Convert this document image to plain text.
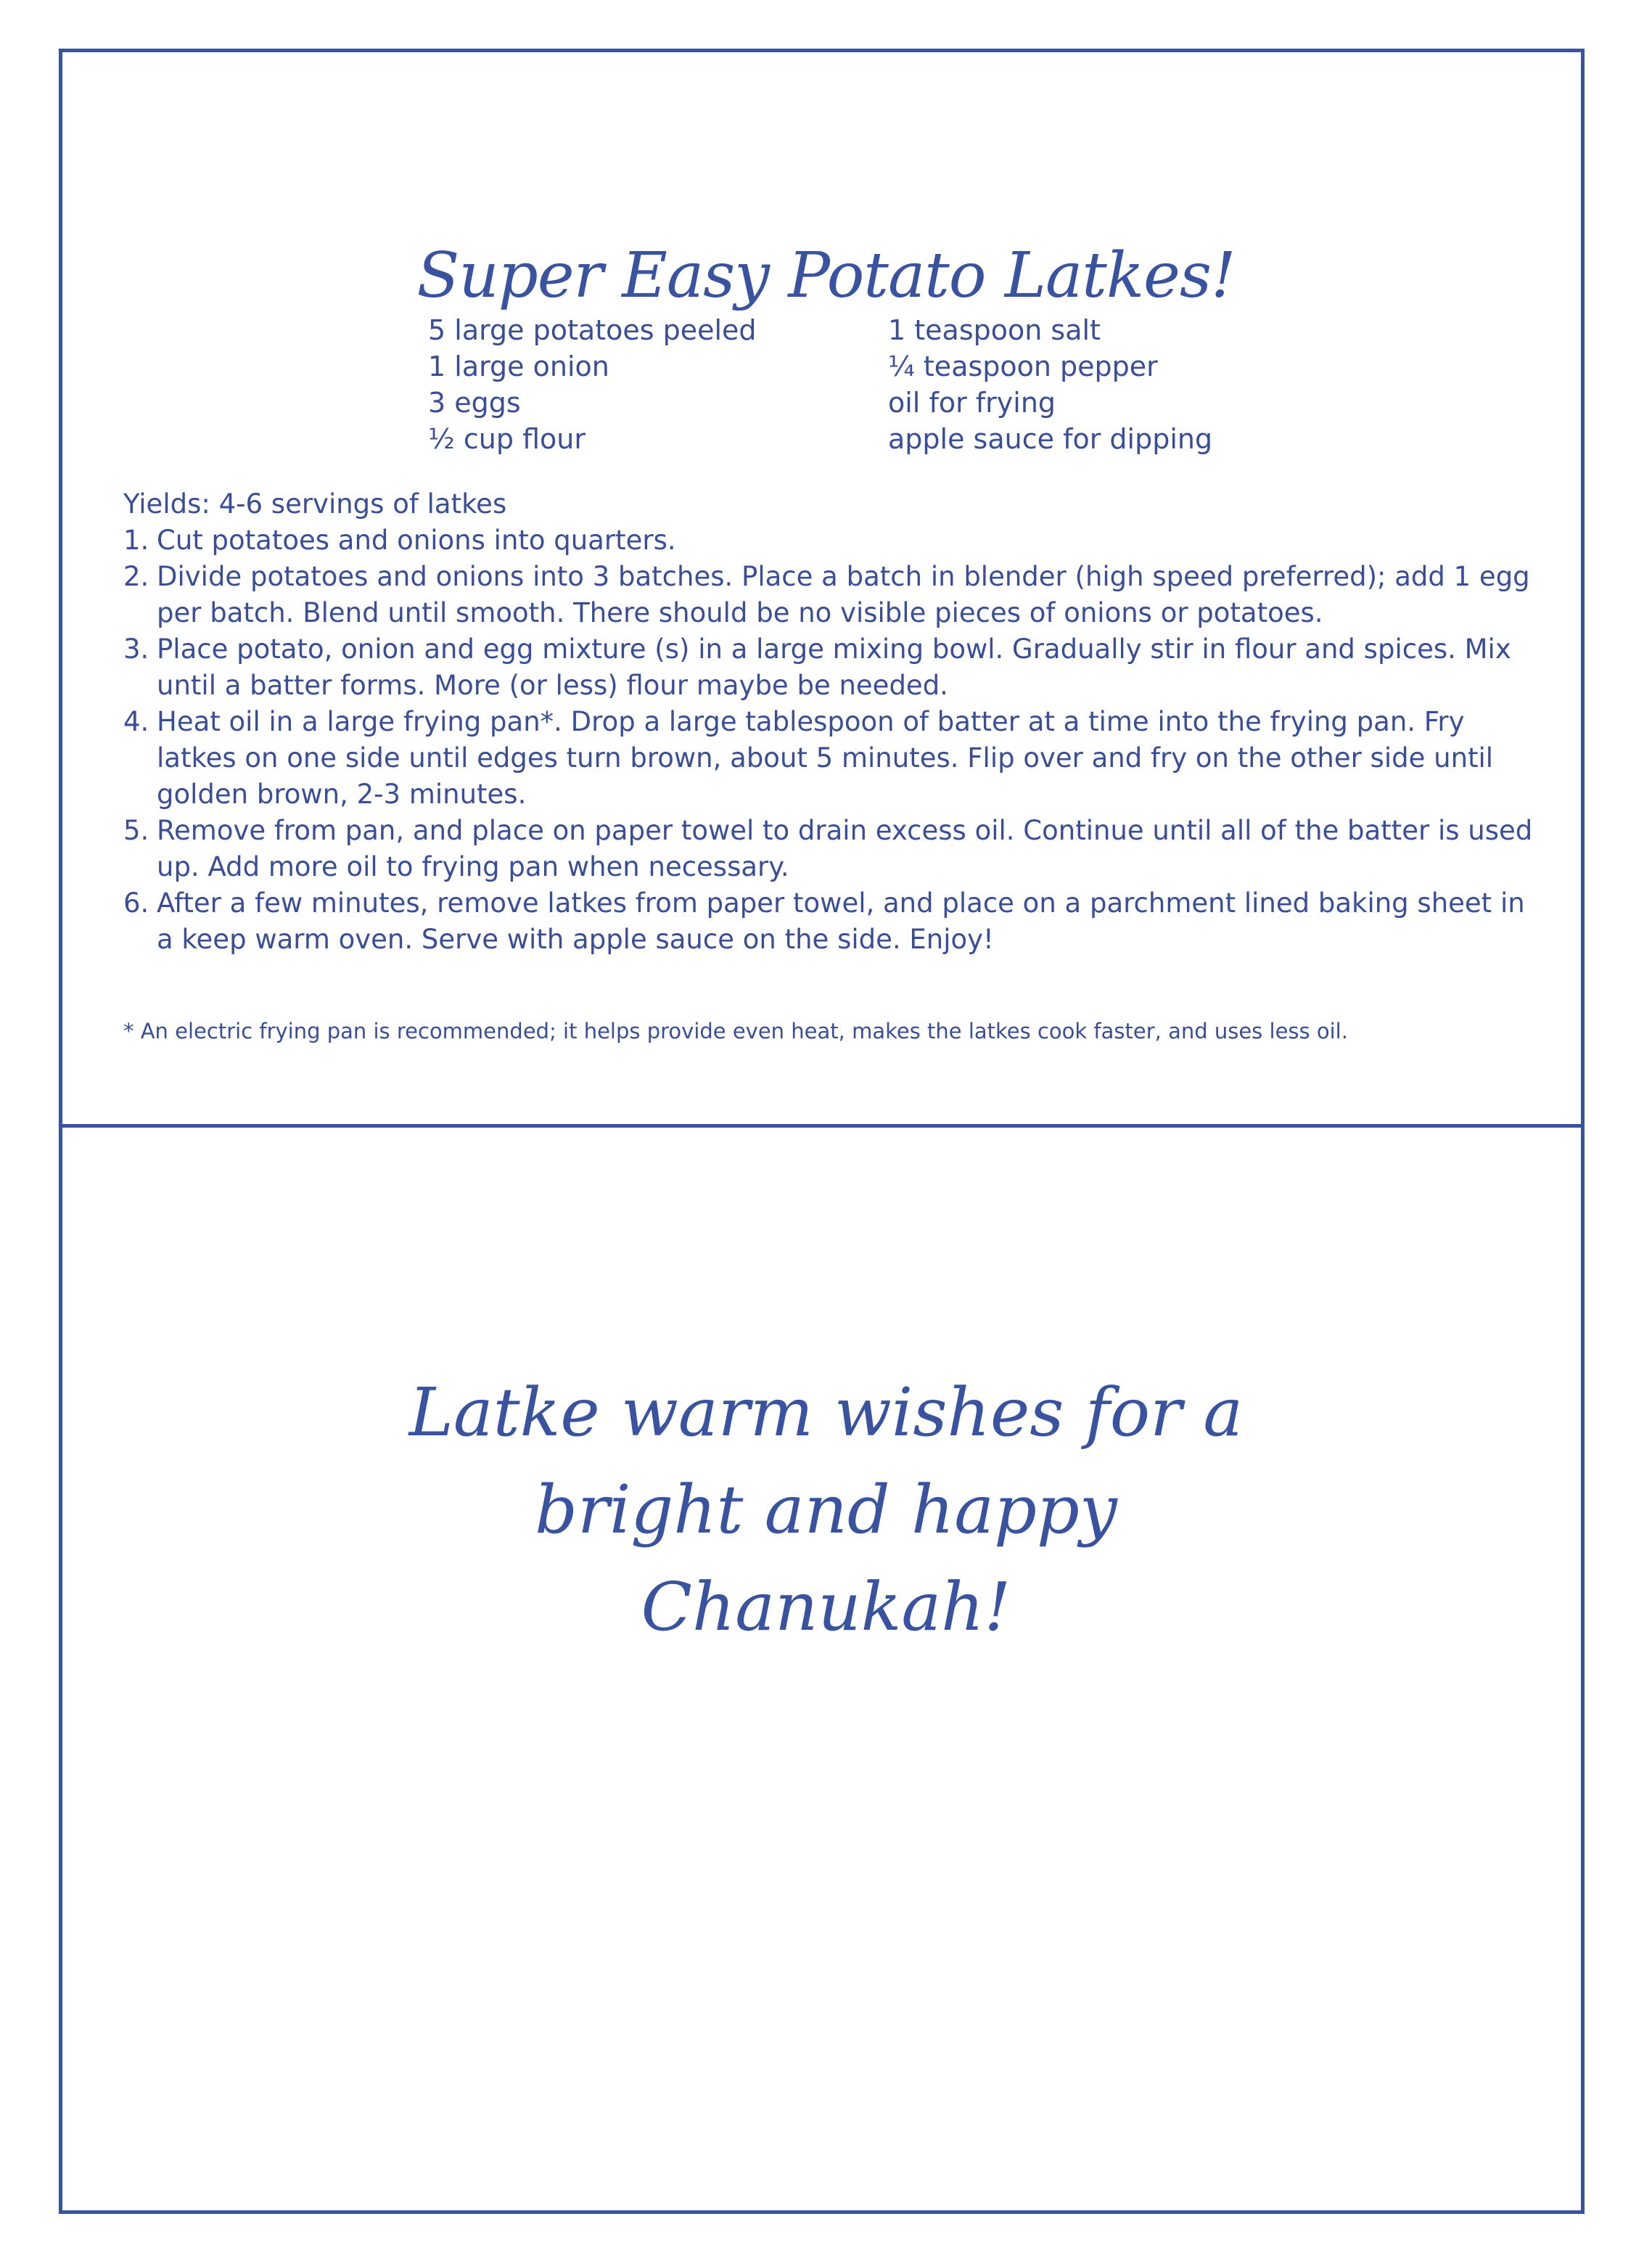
Super Easy Potato Latkes!
5 large potatoes peeled
1 large onion
3 eggs
½ cup flour
1 teaspoon salt
¼ teaspoon pepper
oil for frying
apple sauce for dipping
Yields: 4-6 servings of latkes
1. Cut potatoes and onions into quarters.
2. Divide potatoes and onions into 3 batches. Place a batch in blender (high speed preferred); add 1 egg per batch. Blend until smooth. There should be no visible pieces of onions or potatoes.
3. Place potato, onion and egg mixture (s) in a large mixing bowl. Gradually stir in flour and spices. Mix until a batter forms. More (or less) flour maybe be needed.
4. Heat oil in a large frying pan*. Drop a large tablespoon of batter at a time into the frying pan. Fry latkes on one side until edges turn brown, about 5 minutes. Flip over and fry on the other side until golden brown, 2-3 minutes.
5. Remove from pan, and place on paper towel to drain excess oil. Continue until all of the batter is used up. Add more oil to frying pan when necessary.
6. After a few minutes, remove latkes from paper towel, and place on a parchment lined baking sheet in a keep warm oven. Serve with apple sauce on the side. Enjoy!

* An electric frying pan is recommended; it helps provide even heat, makes the latkes cook faster, and uses less oil.

Latke warm wishes for a
bright and happy
Chanukah!
